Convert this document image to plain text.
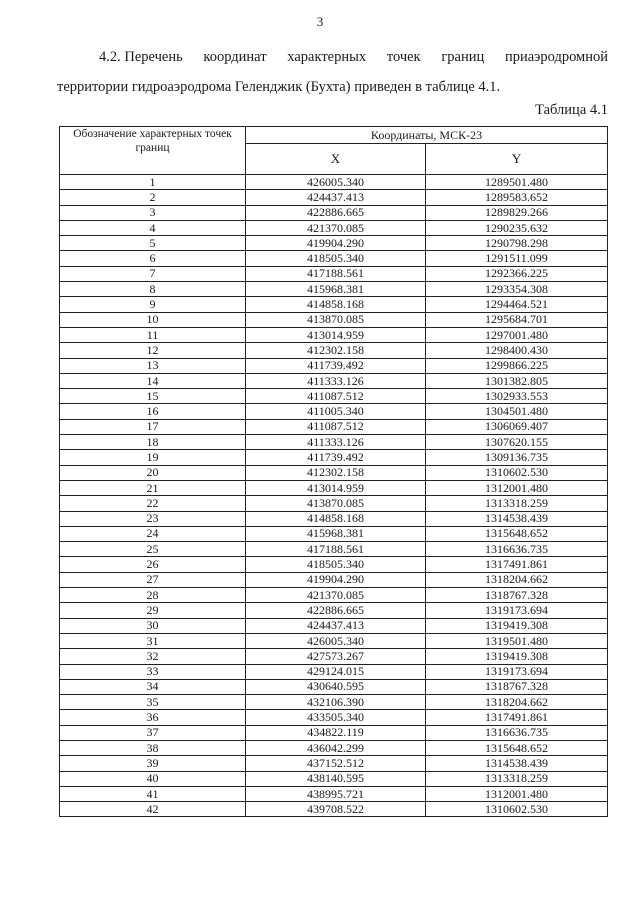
3
4.2. Перечень координат характерных точек границ приаэродромной
территории гидроаэродрома Геленджик (Бухта) приведен в таблице 4.1.
Таблица 4.1
Обозначение характерных точек границ	Координаты, МСК-23	
	X	Y
1	426005.340	1289501.480
2	424437.413	1289583.652
3	422886.665	1289829.266
4	421370.085	1290235.632
5	419904.290	1290798.298
6	418505.340	1291511.099
7	417188.561	1292366.225
8	415968.381	1293354.308
9	414858.168	1294464.521
10	413870.085	1295684.701
11	413014.959	1297001.480
12	412302.158	1298400.430
13	411739.492	1299866.225
14	411333.126	1301382.805
15	411087.512	1302933.553
16	411005.340	1304501.480
17	411087.512	1306069.407
18	411333.126	1307620.155
19	411739.492	1309136.735
20	412302.158	1310602.530
21	413014.959	1312001.480
22	413870.085	1313318.259
23	414858.168	1314538.439
24	415968.381	1315648.652
25	417188.561	1316636.735
26	418505.340	1317491.861
27	419904.290	1318204.662
28	421370.085	1318767.328
29	422886.665	1319173.694
30	424437.413	1319419.308
31	426005.340	1319501.480
32	427573.267	1319419.308
33	429124.015	1319173.694
34	430640.595	1318767.328
35	432106.390	1318204.662
36	433505.340	1317491.861
37	434822.119	1316636.735
38	436042.299	1315648.652
39	437152.512	1314538.439
40	438140.595	1313318.259
41	438995.721	1312001.480
42	439708.522	1310602.530
